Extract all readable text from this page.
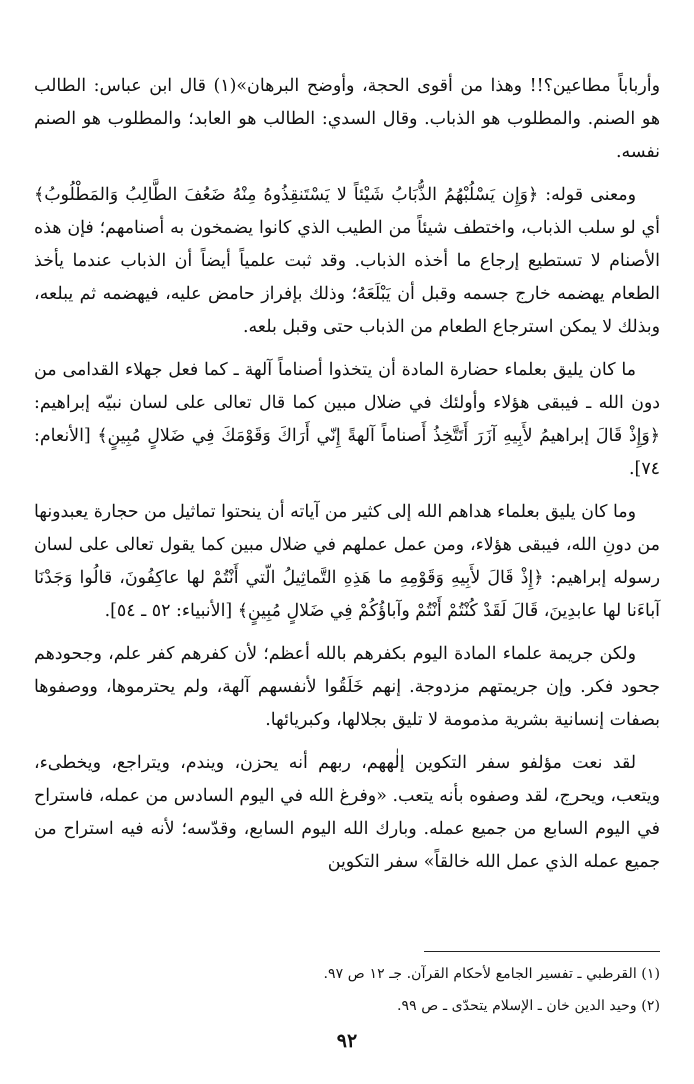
وأرباباً مطاعين؟!! وهذا من أقوى الحجة، وأوضح البرهان»(١) قال ابن عباس: الطالب هو الصنم. والمطلوب هو الذباب. وقال السدي: الطالب هو العابد؛ والمطلوب هو الصنم نفسه.

ومعنى قوله: ﴿وَإِن يَسْلُبْهُمُ الذُّبَابُ شَيْئاً لا يَسْتَنقِذُوهُ مِنْهُ ضَعُفَ الطَّالِبُ وَالمَطْلُوبُ﴾ أي لو سلب الذباب، واختطف شيئاً من الطيب الذي كانوا يضمخون به أصنامهم؛ فإن هذه الأصنام لا تستطيع إرجاع ما أخذه الذباب. وقد ثبت علمياً أيضاً أن الذباب عندما يأخذ الطعام يهضمه خارج جسمه وقبل أن يَبْلَعَهُ؛ وذلك بإفراز حامض عليه، فيهضمه ثم يبلعه، وبذلك لا يمكن استرجاع الطعام من الذباب حتى وقبل بلعه.

ما كان يليق بعلماء حضارة المادة أن يتخذوا أصناماً آلهة ـ كما فعل جهلاء القدامى من دون الله ـ فيبقى هؤلاء وأولئك في ضلال مبين كما قال تعالى على لسان نبيّه إبراهيم: ﴿وَإِذْ قَالَ إبراهيمُ لأَبِيهِ آزَرَ أَتَتَّخِذُ أَصناماً آلهةً إِنّي أَرَاكَ وَقَوْمَكَ فِي ضَلالٍ مُبِينٍ﴾ [الأنعام: ٧٤].

وما كان يليق بعلماء هداهم الله إلى كثير من آياته أن ينحتوا تماثيل من حجارة يعبدونها من دونِ الله، فيبقى هؤلاء، ومن عمل عملهم في ضلال مبين كما يقول تعالى على لسان رسوله إبراهيم: ﴿إِذْ قَالَ لأَبِيهِ وَقَوْمِهِ ما هَذِهِ التَّماثِيلُ الّتي أَنْتُمْ لها عاكِفُونَ، قالُوا وَجَدْنَا آباءَنا لها عابدِينَ، قَالَ لَقَدْ كُنْتُمْ أَنْتُمْ وآباؤُكُمْ فِي ضَلالٍ مُبِينٍ﴾ [الأنبياء: ٥٢ ـ ٥٤].

ولكن جريمة علماء المادة اليوم بكفرهم بالله أعظم؛ لأن كفرهم كفر علم، وجحودهم جحود فكر. وإن جريمتهم مزدوجة. إنهم خَلَقُوا لأنفسهم آلهة، ولم يحترموها، ووصفوها بصفات إنسانية بشرية مذمومة لا تليق بجلالها، وكبريائها.

لقد نعت مؤلفو سفر التكوين إلٰههم، ربهم أنه يحزن، ويندم، ويتراجع، ويخطىء، ويتعب، ويحرج، لقد وصفوه بأنه يتعب. «وفرغ الله في اليوم السادس من عمله، فاستراح في اليوم السابع من جميع عمله. وبارك الله اليوم السابع، وقدّسه؛ لأنه فيه استراح من جميع عمله الذي عمل الله خالقاً» سفر التكوين

(١) القرطبي ـ تفسير الجامع لأحكام القرآن. جـ ١٢ ص ٩٧.

(٢) وحيد الدين خان ـ الإسلام يتحدّى ـ ص ٩٩.

٩٢
